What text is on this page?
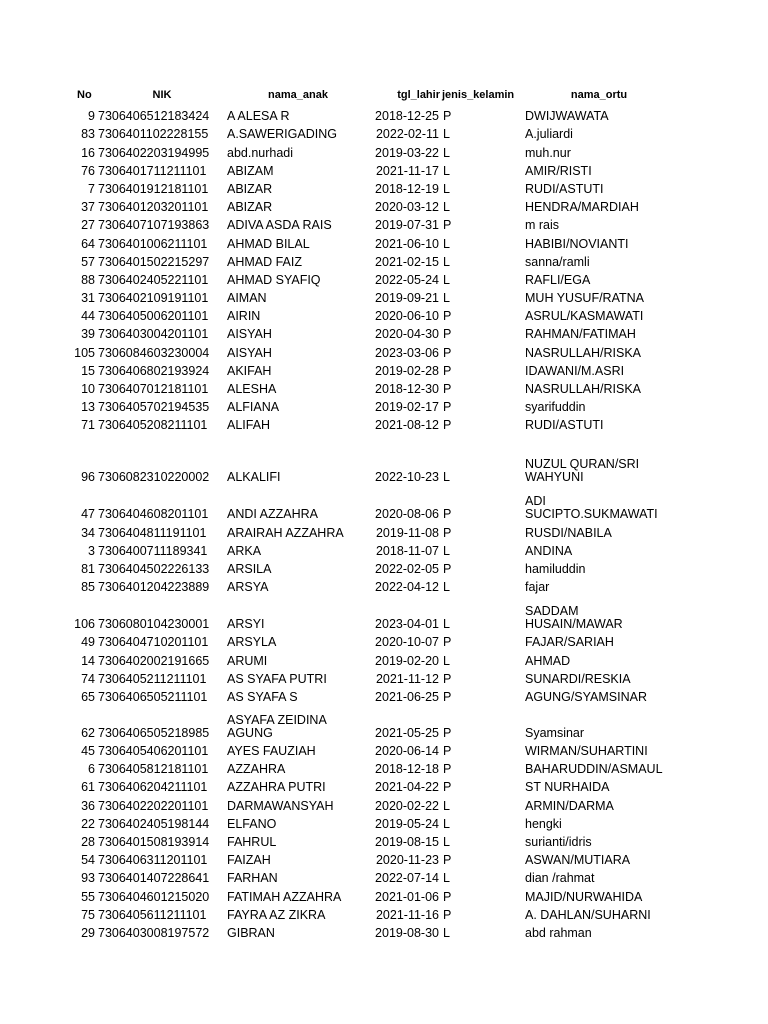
No	NIK	nama_anak	tgl_lahir	jenis_kelamin	nama_ortu
9	7306406512183424	A ALESA R	2018-12-25	P	DWIJWAWATA
83	7306401102228155	A.SAWERIGADING	2022-02-11	L	A.juliardi
16	7306402203194995	abd.nurhadi	2019-03-22	L	muh.nur
76	7306401711211101	ABIZAM	2021-11-17	L	AMIR/RISTI
7	7306401912181101	ABIZAR	2018-12-19	L	RUDI/ASTUTI
37	7306401203201101	ABIZAR	2020-03-12	L	HENDRA/MARDIAH
27	7306407107193863	ADIVA ASDA RAIS	2019-07-31	P	m rais
64	7306401006211101	AHMAD BILAL	2021-06-10	L	HABIBI/NOVIANTI
57	7306401502215297	AHMAD FAIZ	2021-02-15	L	sanna/ramli
88	7306402405221101	AHMAD SYAFIQ	2022-05-24	L	RAFLI/EGA
31	7306402109191101	AIMAN	2019-09-21	L	MUH YUSUF/RATNA
44	7306405006201101	AIRIN	2020-06-10	P	ASRUL/KASMAWATI
39	7306403004201101	AISYAH	2020-04-30	P	RAHMAN/FATIMAH
105	7306084603230004	AISYAH	2023-03-06	P	NASRULLAH/RISKA
15	7306406802193924	AKIFAH	2019-02-28	P	IDAWANI/M.ASRI
10	7306407012181101	ALESHA	2018-12-30	P	NASRULLAH/RISKA
13	7306405702194535	ALFIANA	2019-02-17	P	syarifuddin
71	7306405208211101	ALIFAH	2021-08-12	P	RUDI/ASTUTI
96	7306082310220002	ALKALIFI	2022-10-23	L	NUZUL QURAN/SRI WAHYUNI
47	7306404608201101	ANDI AZZAHRA	2020-08-06	P	ADI SUCIPTO.SUKMAWATI
34	7306404811191101	ARAIRAH AZZAHRA	2019-11-08	P	RUSDI/NABILA
3	7306400711189341	ARKA	2018-11-07	L	ANDINA
81	7306404502226133	ARSILA	2022-02-05	P	hamiluddin
85	7306401204223889	ARSYA	2022-04-12	L	fajar
106	7306080104230001	ARSYI	2023-04-01	L	SADDAM HUSAIN/MAWAR
49	7306404710201101	ARSYLA	2020-10-07	P	FAJAR/SARIAH
14	7306402002191665	ARUMI	2019-02-20	L	AHMAD
74	7306405211211101	AS SYAFA PUTRI	2021-11-12	P	SUNARDI/RESKIA
65	7306406505211101	AS SYAFA S	2021-06-25	P	AGUNG/SYAMSINAR
62	7306406505218985	ASYAFA ZEIDINA AGUNG	2021-05-25	P	Syamsinar
45	7306405406201101	AYES FAUZIAH	2020-06-14	P	WIRMAN/SUHARTINI
6	7306405812181101	AZZAHRA	2018-12-18	P	BAHARUDDIN/ASMAUL
61	7306406204211101	AZZAHRA PUTRI	2021-04-22	P	ST NURHAIDA
36	7306402202201101	DARMAWANSYAH	2020-02-22	L	ARMIN/DARMA
22	7306402405198144	ELFANO	2019-05-24	L	hengki
28	7306401508193914	FAHRUL	2019-08-15	L	surianti/idris
54	7306406311201101	FAIZAH	2020-11-23	P	ASWAN/MUTIARA
93	7306401407228641	FARHAN	2022-07-14	L	dian /rahmat
55	7306404601215020	FATIMAH AZZAHRA	2021-01-06	P	MAJID/NURWAHIDA
75	7306405611211101	FAYRA AZ ZIKRA	2021-11-16	P	A. DAHLAN/SUHARNI
29	7306403008197572	GIBRAN	2019-08-30	L	abd rahman
